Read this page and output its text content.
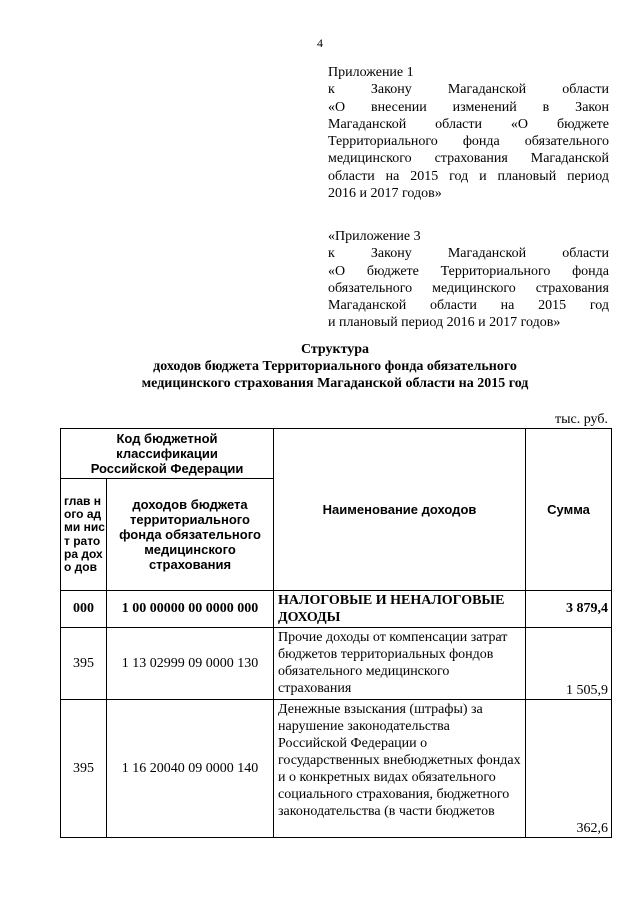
4
Приложение 1
к Закону Магаданской области
«О внесении изменений в Закон
Магаданской области «О бюджете
Территориального фонда обязательного
медицинского страхования Магаданской
области на 2015 год и плановый период
2016 и 2017 годов»
«Приложение 3
к Закону Магаданской области
«О бюджете Территориального фонда
обязательного медицинского страхования
Магаданской области на 2015 год
и плановый период 2016 и 2017 годов»
Структура
доходов бюджета Территориального фонда обязательного
медицинского страхования Магаданской области на 2015 год
тыс. руб.
Код бюджетной классификации Российской Федерации		Наименование доходов	Сумма
глав ного адми нист рато ра дохо дов	доходов бюджета территориального фонда обязательного медицинского страхования		
000	1 00 00000 00 0000 000	НАЛОГОВЫЕ И НЕНАЛОГОВЫЕ ДОХОДЫ	3 879,4
395	1 13 02999 09 0000 130	Прочие доходы от компенсации затрат бюджетов территориальных фондов обязательного медицинского страхования	1 505,9
395	1 16 20040 09 0000 140	Денежные взыскания (штрафы) за нарушение законодательства Российской Федерации о государственных внебюджетных фондах и о конкретных видах обязательного социального страхования, бюджетного законодательства (в части бюджетов	362,6
